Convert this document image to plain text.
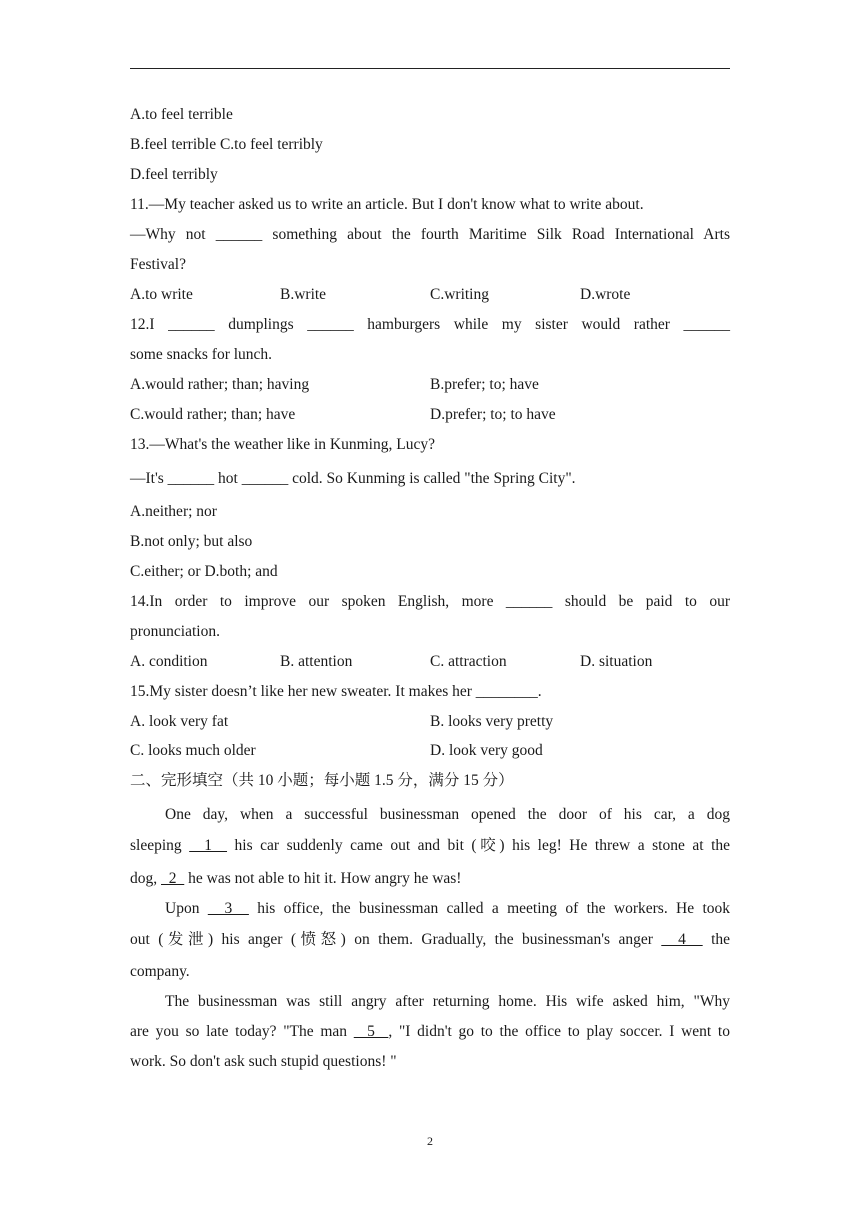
A.to feel terrible
B.feel terrible C.to feel terribly
D.feel terribly
11.—My teacher asked us to write an article. But I don't know what to write about.
—Why not ______ something about the fourth Maritime Silk Road International Arts
Festival?
A.to write	B.write	C.writing	D.wrote
12.I ______ dumplings ______ hamburgers while my sister would rather ______
some snacks for lunch.
A.would rather; than; having	B.prefer; to; have
C.would rather; than; have	D.prefer; to; to have
13.—What's the weather like in Kunming, Lucy?
—It's ______ hot ______ cold. So Kunming is called "the Spring City".
A.neither; nor
B.not only; but also
C.either; or D.both; and
14.In order to improve our spoken English, more ______ should be paid to our
pronunciation.
A. condition	B. attention	C. attraction	D. situation
15.My sister doesn’t like her new sweater. It makes her ________.
A. look very fat	B. looks very pretty
C. looks much older	D. look very good
二、完形填空（共 10 小题；每小题 1.5 分，满分 15 分）
One day, when a successful businessman opened the door of his car, a dog
sleeping   1   his car suddenly came out and bit (咬) his leg! He threw a stone at the
dog,   2   he was not able to hit it. How angry he was!
Upon   3   his office, the businessman called a meeting of the workers. He took
out (发泄) his anger (愤怒) on them. Gradually, the businessman's anger   4   the
company.
The businessman was still angry after returning home. His wife asked him, "Why
are you so late today? "The man   5  , "I didn't go to the office to play soccer. I went to
work. So don't ask such stupid questions! "
2
